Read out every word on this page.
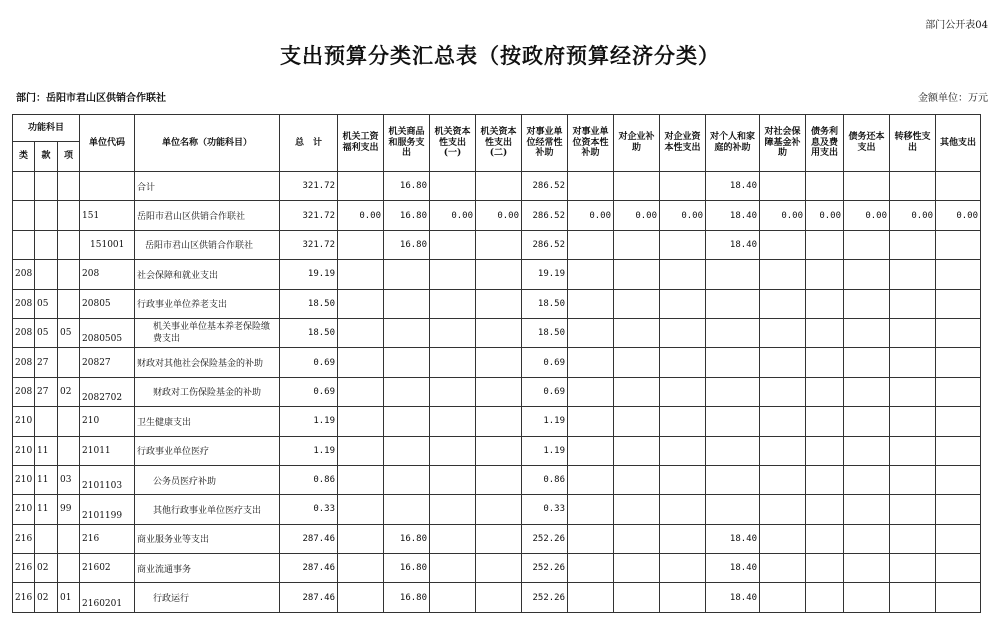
部门公开表04
支出预算分类汇总表（按政府预算经济分类）
部门：岳阳市君山区供销合作联社	金额单位：万元
功能科目			单位代码	单位名称（功能科目）	总　计	机关工资福利支出	机关商品和服务支出	机关资本性支出(一)	机关资本性支出(二)	对事业单位经常性补助	对事业单位资本性补助	对企业补助	对企业资本性支出	对个人和家庭的补助	对社会保障基金补助	债务利息及费用支出	债务还本支出	转移性支出	其他支出
类	款	项																	
				合计	321.72		16.80			286.52				18.40					
			151	岳阳市君山区供销合作联社	321.72	0.00	16.80	0.00	0.00	286.52	0.00	0.00	0.00	18.40	0.00	0.00	0.00	0.00	0.00
			151001	岳阳市君山区供销合作联社	321.72		16.80			286.52				18.40					
208			208	社会保障和就业支出	19.19					19.19									
208	05		20805	行政事业单位养老支出	18.50					18.50									
208	05	05	2080505	机关事业单位基本养老保险缴费支出	18.50					18.50									
208	27		20827	财政对其他社会保险基金的补助	0.69					0.69									
208	27	02	2082702	财政对工伤保险基金的补助	0.69					0.69									
210			210	卫生健康支出	1.19					1.19									
210	11		21011	行政事业单位医疗	1.19					1.19									
210	11	03	2101103	公务员医疗补助	0.86					0.86									
210	11	99	2101199	其他行政事业单位医疗支出	0.33					0.33									
216			216	商业服务业等支出	287.46		16.80			252.26				18.40					
216	02		21602	商业流通事务	287.46		16.80			252.26				18.40					
216	02	01	2160201	行政运行	287.46		16.80			252.26				18.40					
